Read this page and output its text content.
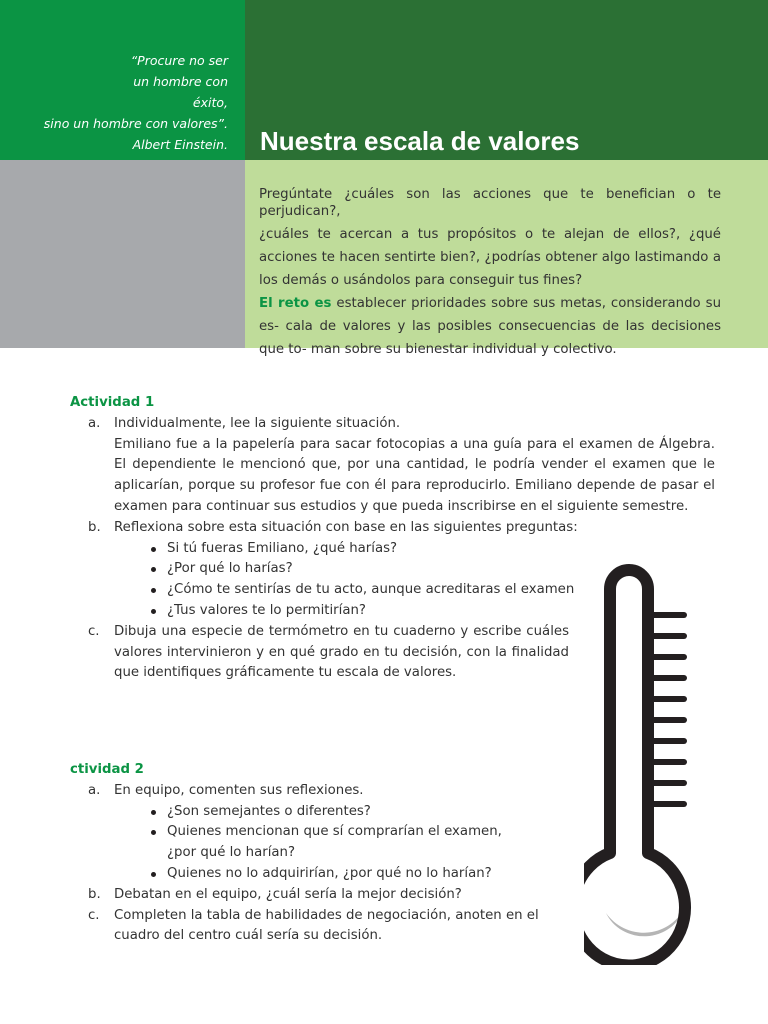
“Procure no ser
un hombre con
éxito,
sino un hombre con valores”.
Albert Einstein. Nuestra escala de valores

Pregúntate ¿cuáles son las acciones que te benefician o te perjudican?,

¿cuáles te acercan a tus propósitos o te alejan de ellos?, ¿qué acciones te hacen sentirte bien?, ¿podrías obtener algo lastimando a los demás o usándolos para conseguir tus fines?

El reto es establecer prioridades sobre sus metas, considerando su es- cala de valores y las posibles consecuencias de las decisiones que to- man sobre su bienestar individual y colectivo.

Actividad 1
a. Individualmente, lee la siguiente situación.
Emiliano fue a la papelería para sacar fotocopias a una guía para el examen de Álgebra. El dependiente le mencionó que, por una cantidad, le podría vender el examen que le aplicarían, porque su profesor fue con él para reproducirlo. Emiliano depende de pasar el examen para continuar sus estudios y que pueda inscribirse en el siguiente semestre.
b. Reflexiona sobre esta situación con base en las siguientes preguntas:
Si tú fueras Emiliano, ¿qué harías?
¿Por qué lo harías?
¿Cómo te sentirías de tu acto, aunque acreditaras el examen
¿Tus valores te lo permitirían?
c. Dibuja una especie de termómetro en tu cuaderno y escribe cuáles valores intervinieron y en qué grado en tu decisión, con la finalidad que identifiques gráficamente tu escala de valores.
ctividad 2
a. En equipo, comenten sus reflexiones.
¿Son semejantes o diferentes?
Quienes mencionan que sí comprarían el examen, ¿por qué lo harían?
Quienes no lo adquirirían, ¿por qué no lo harían?
b. Debatan en el equipo, ¿cuál sería la mejor decisión?
c. Completen la tabla de habilidades de negociación, anoten en el cuadro del centro cuál sería su decisión.
